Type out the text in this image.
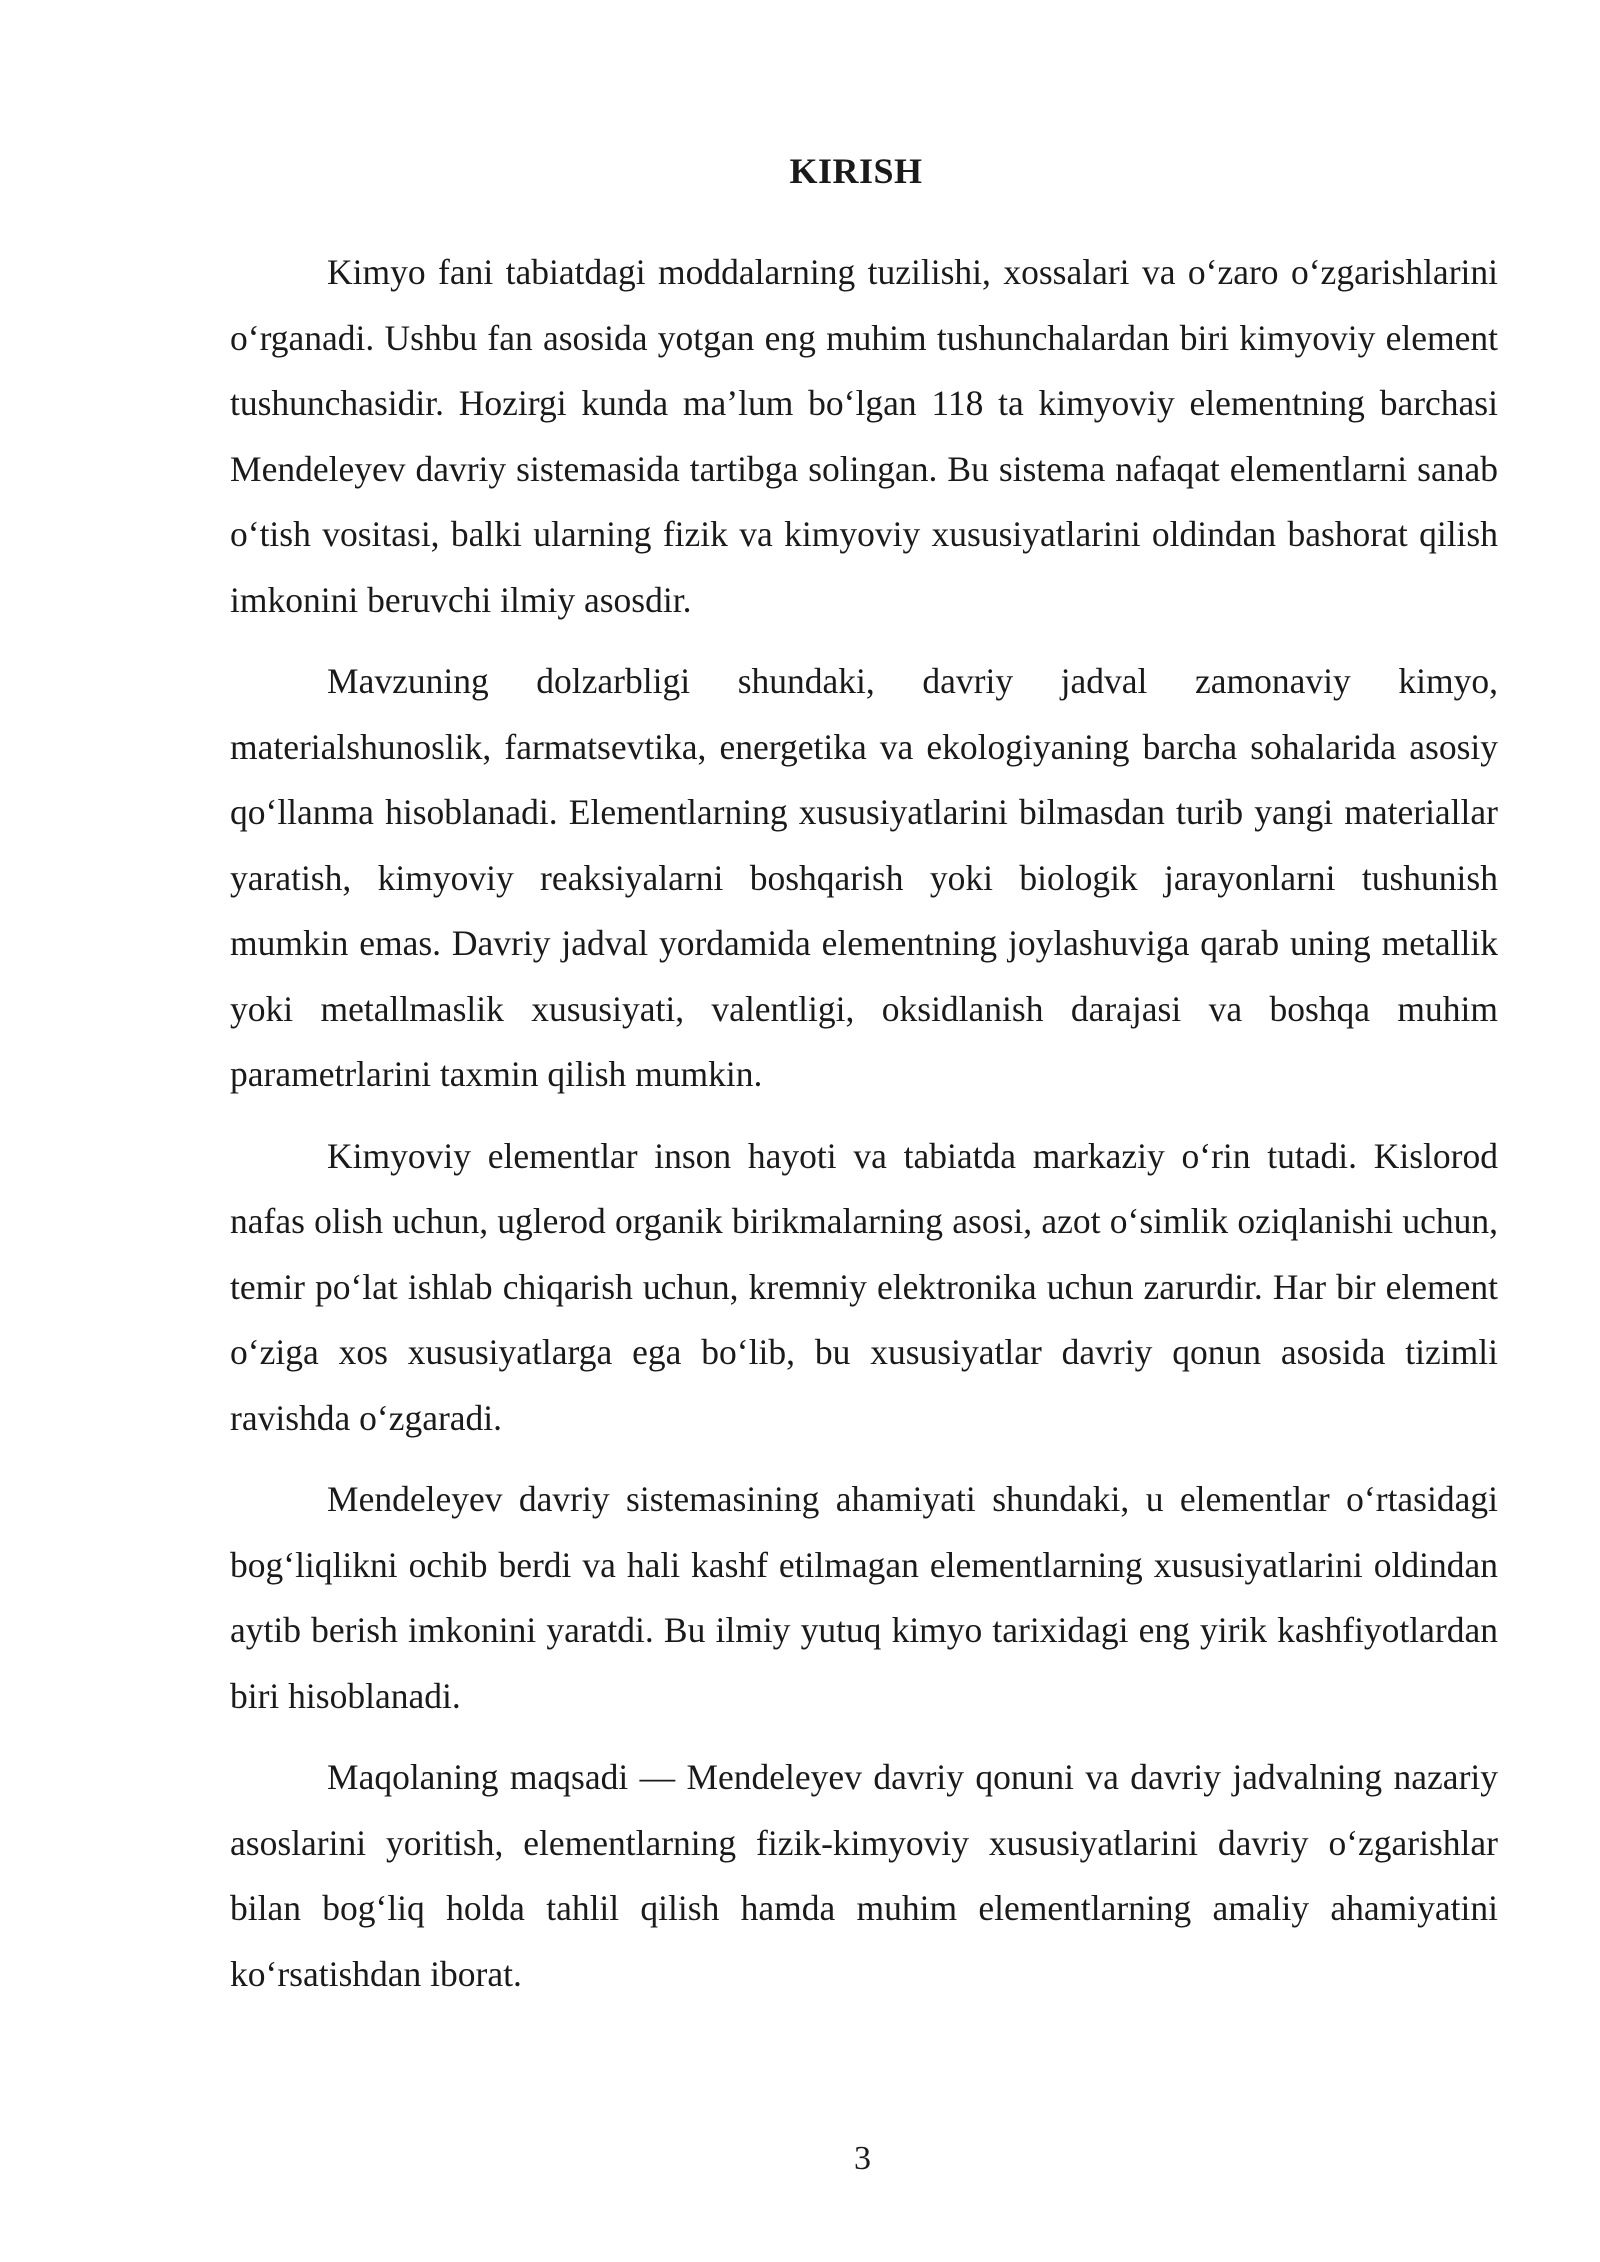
KIRISH

Kimyo fani tabiatdagi moddalarning tuzilishi, xossalari va o‘zaro o‘zgarishlarini o‘rganadi. Ushbu fan asosida yotgan eng muhim tushunchalardan biri kimyoviy element tushunchasidir. Hozirgi kunda ma’lum bo‘lgan 118 ta kimyoviy elementning barchasi Mendeleyev davriy sistemasida tartibga solingan. Bu sistema nafaqat elementlarni sanab o‘tish vositasi, balki ularning fizik va kimyoviy xususiyatlarini oldindan bashorat qilish imkonini beruvchi ilmiy asosdir.

Mavzuning dolzarbligi shundaki, davriy jadval zamonaviy kimyo, materialshunoslik, farmatsevtika, energetika va ekologiyaning barcha sohalarida asosiy qo‘llanma hisoblanadi. Elementlarning xususiyatlarini bilmasdan turib yangi materiallar yaratish, kimyoviy reaksiyalarni boshqarish yoki biologik jarayonlarni tushunish mumkin emas. Davriy jadval yordamida elementning joylashuviga qarab uning metallik yoki metallmaslik xususiyati, valentligi, oksidlanish darajasi va boshqa muhim parametrlarini taxmin qilish mumkin.

Kimyoviy elementlar inson hayoti va tabiatda markaziy o‘rin tutadi. Kislorod nafas olish uchun, uglerod organik birikmalarning asosi, azot o‘simlik oziqlanishi uchun, temir po‘lat ishlab chiqarish uchun, kremniy elektronika uchun zarurdir. Har bir element o‘ziga xos xususiyatlarga ega bo‘lib, bu xususiyatlar davriy qonun asosida tizimli ravishda o‘zgaradi.

Mendeleyev davriy sistemasining ahamiyati shundaki, u elementlar o‘rtasidagi bog‘liqlikni ochib berdi va hali kashf etilmagan elementlarning xususiyatlarini oldindan aytib berish imkonini yaratdi. Bu ilmiy yutuq kimyo tarixidagi eng yirik kashfiyotlardan biri hisoblanadi.

Maqolaning maqsadi — Mendeleyev davriy qonuni va davriy jadvalning nazariy asoslarini yoritish, elementlarning fizik-kimyoviy xususiyatlarini davriy o‘zgarishlar bilan bog‘liq holda tahlil qilish hamda muhim elementlarning amaliy ahamiyatini ko‘rsatishdan iborat.

3
